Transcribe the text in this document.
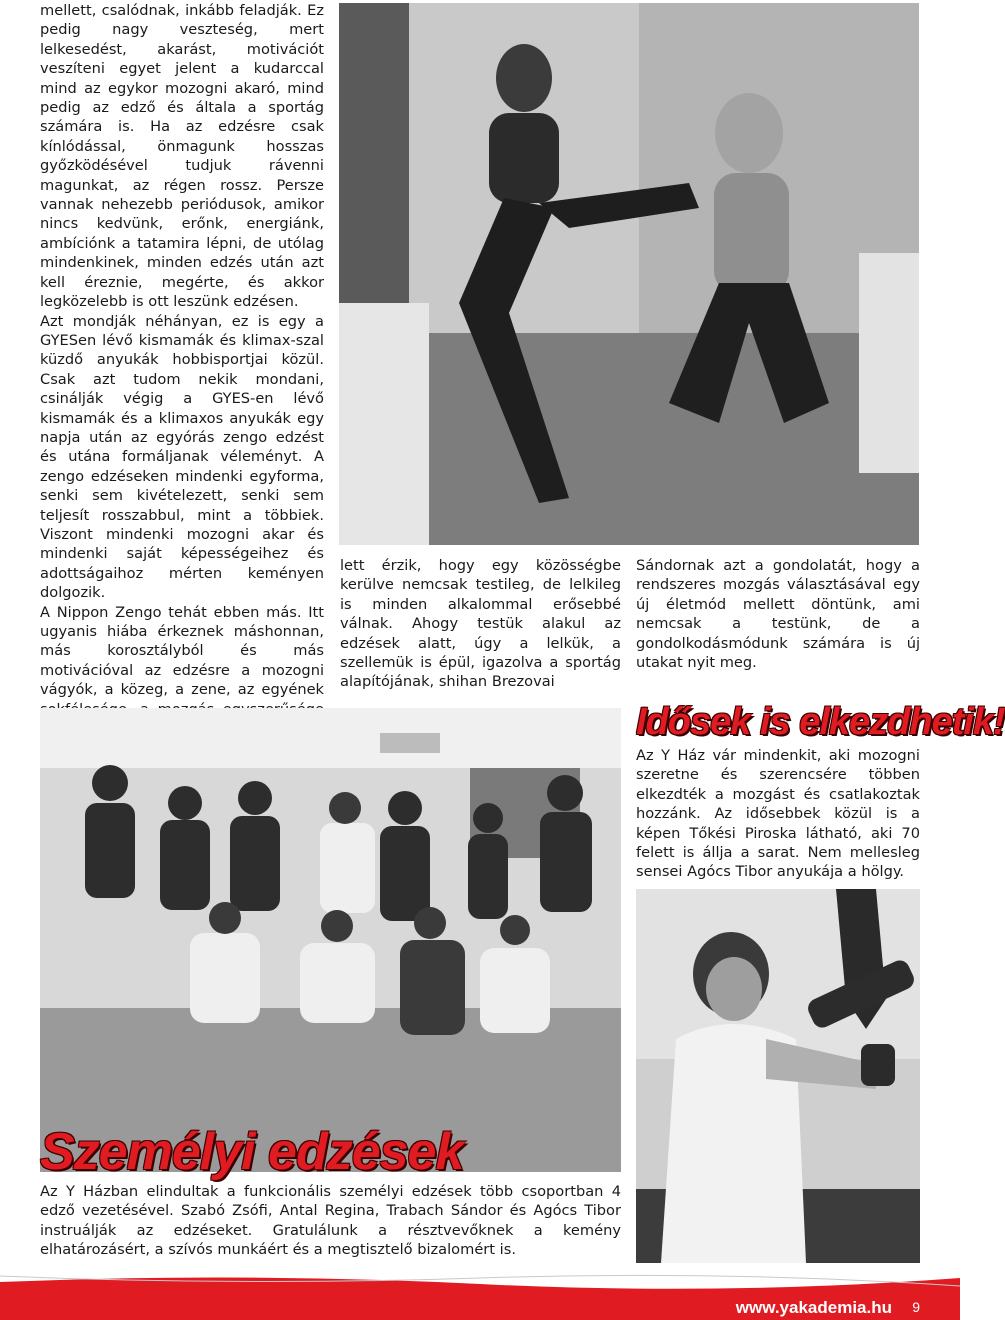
mellett, csalódnak, inkább feladják. Ez pedig nagy veszteség, mert lelkesedést, akarást, motivációt veszíteni egyet jelent a kudarccal mind az egykor mozogni akaró, mind pedig az edző és általa a sportág számára is. Ha az edzésre csak kínlódással, önmagunk hosszas győzködésével tudjuk rávenni magunkat, az régen rossz. Persze vannak nehezebb periódusok, amikor nincs kedvünk, erőnk, energiánk, ambíciónk a tatamira lépni, de utólag mindenkinek, minden edzés után azt kell éreznie, megérte, és akkor legközelebb is ott leszünk edzésen.

Azt mondják néhányan, ez is egy a GYESen lévő kismamák és klimax-szal küzdő anyukák hobbisportjai közül. Csak azt tudom nekik mondani, csinálják végig a GYES-en lévő kismamák és a klimaxos anyukák egy napja után az egyórás zengo edzést és utána formáljanak véleményt. A zengo edzéseken mindenki egyforma, senki sem kivételezett, senki sem teljesít rosszabbul, mint a többiek. Viszont mindenki mozogni akar és mindenki saját képességeihez és adottságaihoz mérten keményen dolgozik.

A Nippon Zengo tehát ebben más. Itt ugyanis hiába érkeznek máshonnan, más korosztályból és más motivációval az edzésre a mozogni vágyók, a közeg, a zene, az egyének

lett érzik, hogy egy közösségbe kerülve nemcsak testileg, de lelkileg is minden alkalommal erősebbé válnak. Ahogy testük alakul az edzések alatt, úgy a lelkük, a szellemük is épül, igazolva a sportág alapítójának, shihan Brezovai

Sándornak azt a gondolatát, hogy a rendszeres mozgás választásával egy új életmód mellett döntünk, ami nemcsak a testünk, de a gondolkodásmódunk számára is új utakat nyit meg.

Idősek is elkezdhetik!
Az Y Ház vár mindenkit, aki mozogni szeretne és szerencsére többen elkezdték a mozgást és csatlakoztak hozzánk. Az idősebbek közül is a képen Tőkési Piroska látható, aki 70 felett is állja a sarat. Nem mellesleg sensei Agócs Tibor anyukája a hölgy.
Személyi edzések
Az Y Házban elindultak a funkcionális személyi edzések több csoportban 4 edző vezetésével. Szabó Zsófi, Antal Regina, Trabach Sándor és Agócs Tibor instruálják az edzéseket. Gratulálunk a résztvevőknek a kemény elhatározásért, a szívós munkáért és a megtisztelő bizalomért is.
www.yakademia.hu 9
